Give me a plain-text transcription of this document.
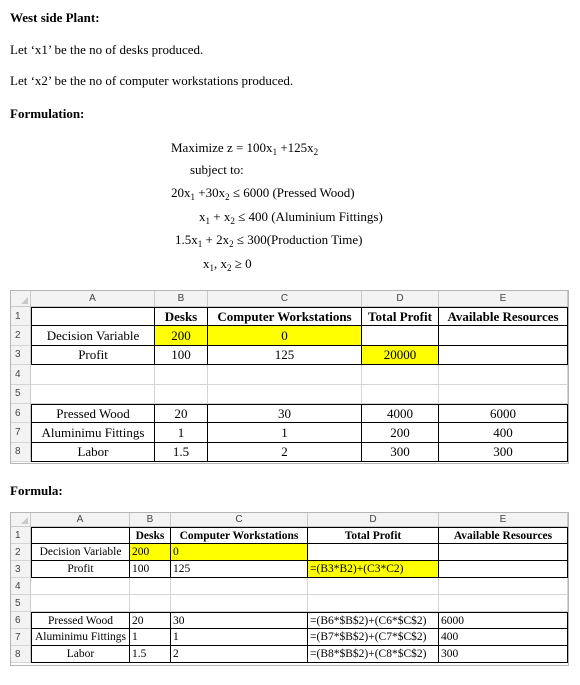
West side Plant:
Let ‘x1’ be the no of desks produced.
Let ‘x2’ be the no of computer workstations produced.
Formulation:
Maximize $z = 100x_1 +125x_2$
subject to:
$20x_1 +30x_2 \le 6000$ (Pressed Wood)
$x_1 + x_2 \le 400$ (Aluminium Fittings)
$1.5x_1 + 2x_2$ ≤ 300(Production Time)
$x_1$, $x_2 \ge 0$
A	B	C	D	E
1	Desks	Computer Workstations	Total Profit	Available Resources
2	Decision Variable	200	0
3	Profit	100	125	20000
4
5
6	Pressed Wood	20	30	4000	6000
7	Aluminimu Fittings	1	1	200	400
8	Labor	1.5	2	300	300
Formula:
A	B	C	D	E
1	Desks	Computer Workstations	Total Profit	Available Resources
2	Decision Variable 200	0
3	Profit	100	125	=(B3*B2)+(C3*C2)
4
5
6	Pressed Wood	20	30	=(B6*$B$2)+(C6*$C$2)	6000
7	Aluminimu Fittings 1	1	=(B7*$B$2)+(C7*$C$2)	400
8	Labor	1.5	2	=(B8*$B$2)+(C8*$C$2)	300
